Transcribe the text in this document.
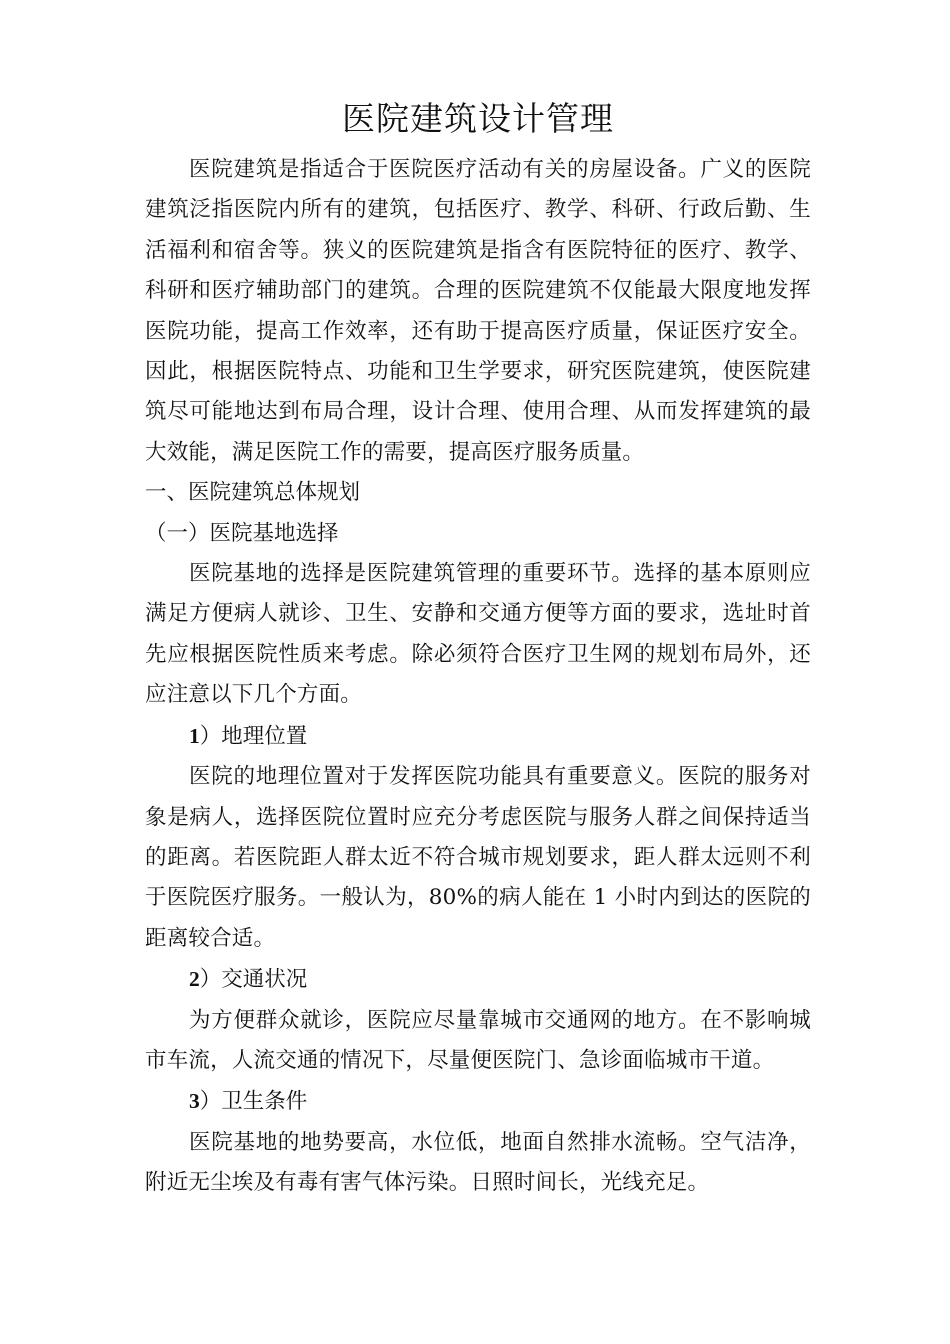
医院建筑设计管理

医院建筑是指适合于医院医疗活动有关的房屋设备。广义的医院建筑泛指医院内所有的建筑，包括医疗、教学、科研、行政后勤、生活福利和宿舍等。狭义的医院建筑是指含有医院特征的医疗、教学、科研和医疗辅助部门的建筑。合理的医院建筑不仅能最大限度地发挥医院功能，提高工作效率，还有助于提高医疗质量，保证医疗安全。因此，根据医院特点、功能和卫生学要求，研究医院建筑，使医院建筑尽可能地达到布局合理，设计合理、使用合理、从而发挥建筑的最大效能，满足医院工作的需要，提高医疗服务质量。

一、医院建筑总体规划

（一）医院基地选择

医院基地的选择是医院建筑管理的重要环节。选择的基本原则应满足方便病人就诊、卫生、安静和交通方便等方面的要求，选址时首先应根据医院性质来考虑。除必须符合医疗卫生网的规划布局外，还应注意以下几个方面。

1）地理位置

医院的地理位置对于发挥医院功能具有重要意义。医院的服务对象是病人，选择医院位置时应充分考虑医院与服务人群之间保持适当的距离。若医院距人群太近不符合城市规划要求，距人群太远则不利于医院医疗服务。一般认为，80%的病人能在 1 小时内到达的医院的距离较合适。

2）交通状况

为方便群众就诊，医院应尽量靠城市交通网的地方。在不影响城市车流，人流交通的情况下，尽量便医院门、急诊面临城市干道。

3）卫生条件

医院基地的地势要高，水位低，地面自然排水流畅。空气洁净，附近无尘埃及有毒有害气体污染。日照时间长，光线充足。
